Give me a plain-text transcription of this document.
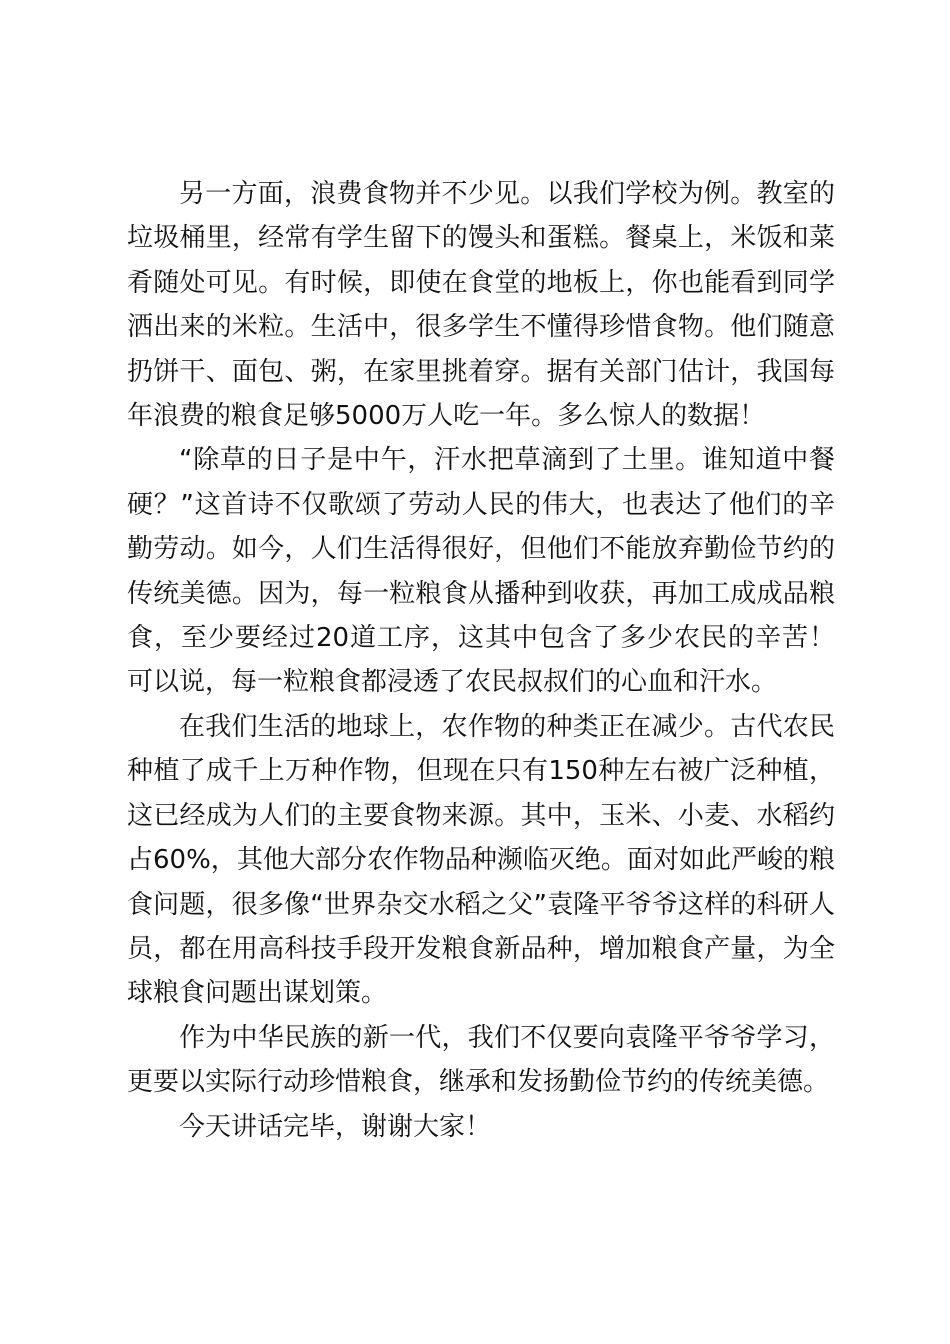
另一方面，浪费食物并不少见。以我们学校为例。教室的垃圾桶里，经常有学生留下的馒头和蛋糕。餐桌上，米饭和菜肴随处可见。有时候，即使在食堂的地板上，你也能看到同学洒出来的米粒。生活中，很多学生不懂得珍惜食物。他们随意扔饼干、面包、粥，在家里挑着穿。据有关部门估计，我国每年浪费的粮食足够5000万人吃一年。多么惊人的数据！

“除草的日子是中午，汗水把草滴到了土里。谁知道中餐硬？”这首诗不仅歌颂了劳动人民的伟大，也表达了他们的辛勤劳动。如今，人们生活得很好，但他们不能放弃勤俭节约的传统美德。因为，每一粒粮食从播种到收获，再加工成成品粮食，至少要经过20道工序，这其中包含了多少农民的辛苦！可以说，每一粒粮食都浸透了农民叔叔们的心血和汗水。

在我们生活的地球上，农作物的种类正在减少。古代农民种植了成千上万种作物，但现在只有150种左右被广泛种植，这已经成为人们的主要食物来源。其中，玉米、小麦、水稻约占60%，其他大部分农作物品种濒临灭绝。面对如此严峻的粮食问题，很多像“世界杂交水稻之父”袁隆平爷爷这样的科研人员，都在用高科技手段开发粮食新品种，增加粮食产量，为全球粮食问题出谋划策。

作为中华民族的新一代，我们不仅要向袁隆平爷爷学习，更要以实际行动珍惜粮食，继承和发扬勤俭节约的传统美德。

今天讲话完毕，谢谢大家！
